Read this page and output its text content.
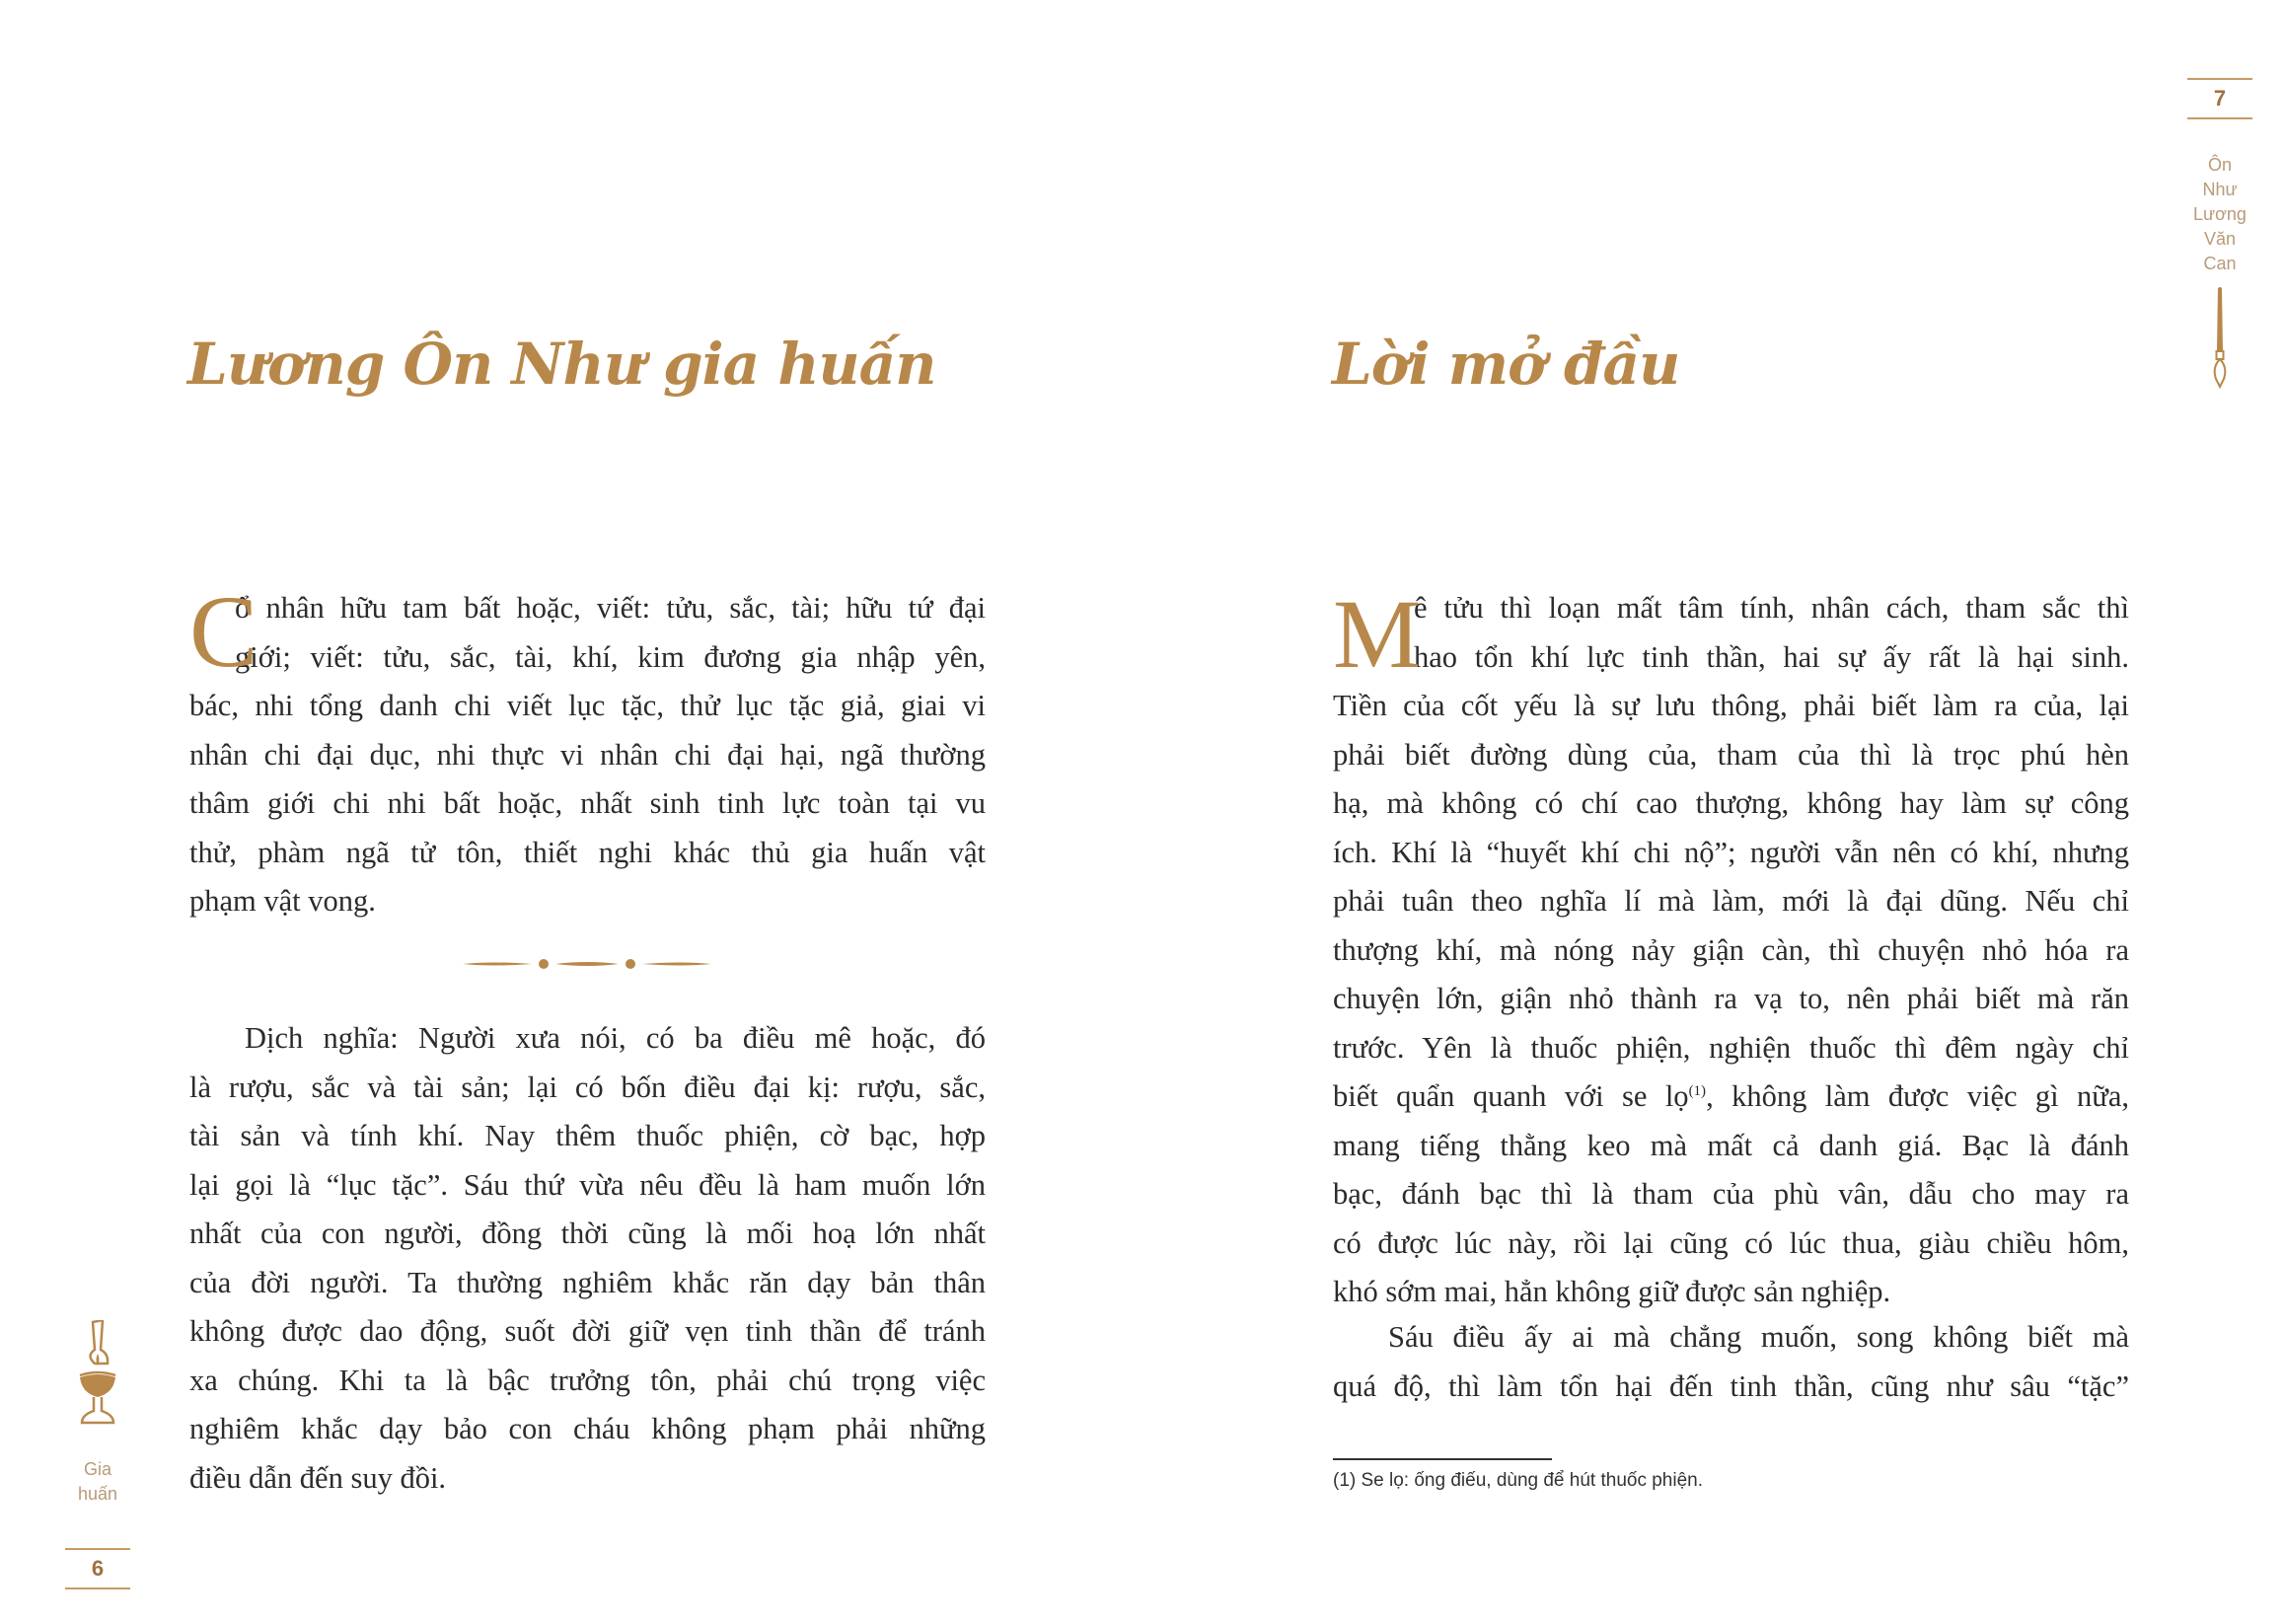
Lương Ôn Như gia huấn
C
ổ nhân hữu tam bất hoặc, viết: tửu, sắc, tài; hữu tứ đại
giới; viết: tửu, sắc, tài, khí, kim đương gia nhập yên,
bác, nhi tổng danh chi viết lục tặc, thử lục tặc giả, giai vi
nhân chi đại dục, nhi thực vi nhân chi đại hại, ngã thường
thâm giới chi nhi bất hoặc, nhất sinh tinh lực toàn tại vu
thử, phàm ngã tử tôn, thiết nghi khác thủ gia huấn vật
phạm vật vong.
Dịch nghĩa: Người xưa nói, có ba điều mê hoặc, đó
là rượu, sắc và tài sản; lại có bốn điều đại kị: rượu, sắc,
tài sản và tính khí. Nay thêm thuốc phiện, cờ bạc, hợp
lại gọi là “lục tặc”. Sáu thứ vừa nêu đều là ham muốn lớn
nhất của con người, đồng thời cũng là mối hoạ lớn nhất
của đời người. Ta thường nghiêm khắc răn dạy bản thân
không được dao động, suốt đời giữ vẹn tinh thần để tránh
xa chúng. Khi ta là bậc trưởng tôn, phải chú trọng việc
nghiêm khắc dạy bảo con cháu không phạm phải những
điều dẫn đến suy đồi.
Gia
huấn
6
Lời mở đầu
M
ê tửu thì loạn mất tâm tính, nhân cách, tham sắc thì
hao tổn khí lực tinh thần, hai sự ấy rất là hại sinh.
Tiền của cốt yếu là sự lưu thông, phải biết làm ra của, lại
phải biết đường dùng của, tham của thì là trọc phú hèn
hạ, mà không có chí cao thượng, không hay làm sự công
ích. Khí là “huyết khí chi nộ”; người vẫn nên có khí, nhưng
phải tuân theo nghĩa lí mà làm, mới là đại dũng. Nếu chỉ
thượng khí, mà nóng nảy giận càn, thì chuyện nhỏ hóa ra
chuyện lớn, giận nhỏ thành ra vạ to, nên phải biết mà răn
trước. Yên là thuốc phiện, nghiện thuốc thì đêm ngày chỉ
biết quẩn quanh với se lọ$^{(1)}$, không làm được việc gì nữa,
mang tiếng thằng keo mà mất cả danh giá. Bạc là đánh
bạc, đánh bạc thì là tham của phù vân, dẫu cho may ra
có được lúc này, rồi lại cũng có lúc thua, giàu chiều hôm,
khó sớm mai, hẳn không giữ được sản nghiệp.
Sáu điều ấy ai mà chẳng muốn, song không biết mà
quá độ, thì làm tổn hại đến tinh thần, cũng như sâu “tặc”
(1) Se lọ: ống điếu, dùng để hút thuốc phiện.
7
Ôn
Như
Lương
Văn
Can
